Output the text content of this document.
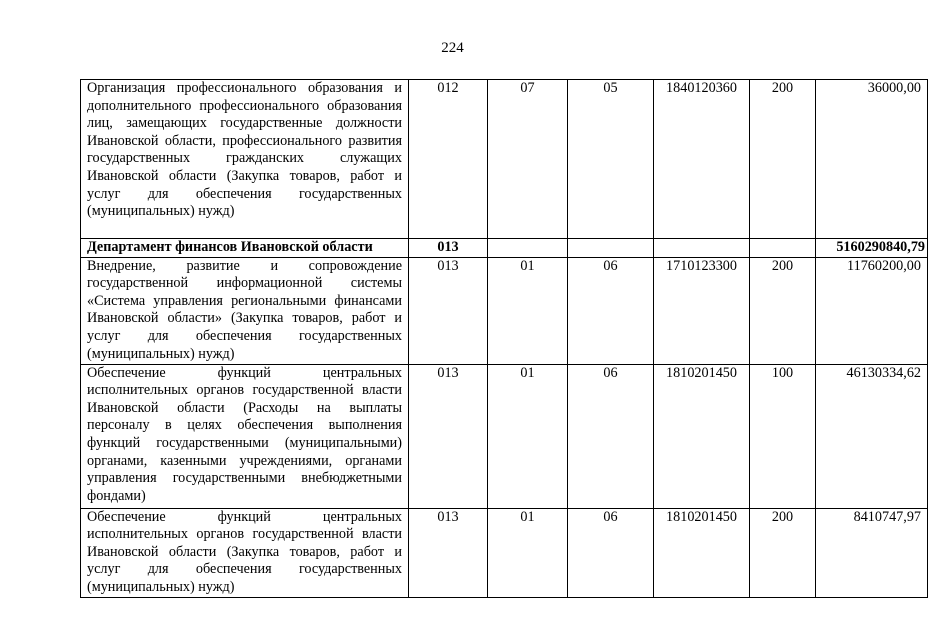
224
Организация профессионального образования и дополнительного профессионального образования лиц, замещающих государственные должности Ивановской области, профессионального развития государственных гражданских служащих Ивановской области (Закупка товаров, работ и услуг для обеспечения государственных (муниципальных) нужд)	012	07	05	1840120360	200	36000,00
Департамент финансов Ивановской области	013					5160290840,79
Внедрение, развитие и сопровождение государственной информационной системы «Система управления региональными финансами Ивановской области» (Закупка товаров, работ и услуг для обеспечения государственных (муниципальных) нужд)	013	01	06	1710123300	200	11760200,00
Обеспечение функций центральных исполнительных органов государственной власти Ивановской области (Расходы на выплаты персоналу в целях обеспечения выполнения функций государственными (муниципальными) органами, казенными учреждениями, органами управления государственными внебюджетными фондами)	013	01	06	1810201450	100	46130334,62
Обеспечение функций центральных исполнительных органов государственной власти Ивановской области (Закупка товаров, работ и услуг для обеспечения государственных (муниципальных) нужд)	013	01	06	1810201450	200	8410747,97
